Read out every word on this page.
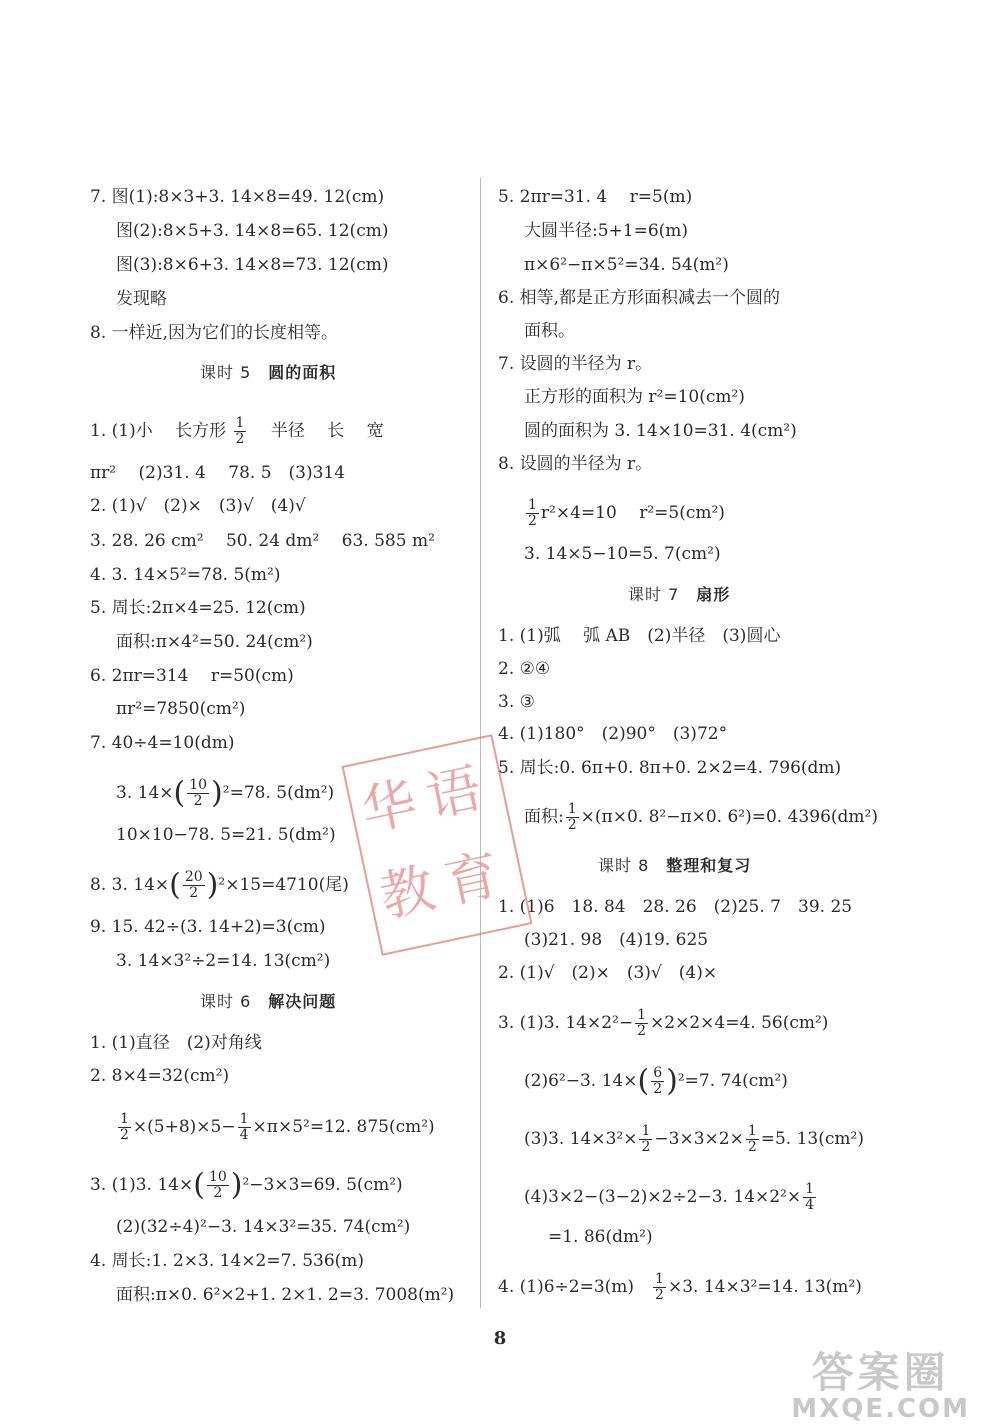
7. 图(1):8×3+3. 14×8=49. 12(cm)
图(2):8×5+3. 14×8=65. 12(cm)
图(3):8×6+3. 14×8=73. 12(cm)
发现略
8. 一样近,因为它们的长度相等。
课时 5　 圆的面积
1. (1)小　 长方形 $\frac{1}{2}$ 　半径　 长　 宽
πr² 　(2)31. 4　 78. 5　(3)314
2. (1)√　(2)×　(3)√　(4)√
3. 28. 26 cm²　 50. 24 dm²　 63. 585 m²
4. 3. 14×5²=78. 5(m²)
5. 周长:2π×4=25. 12(cm)
面积:π×4²=50. 24(cm²)
6. 2πr=314　 r=50(cm)
πr²=7850(cm²)
7. 40÷4=10(dm)
3. $14\times( \frac{10}{2} )^2=78$. 5(dm²)
10×10−78. 5=21. 5(dm²)
8. 3. $14\times( \frac{20}{2} )^2\times 15=4710$(尾)
9. 15. 42÷(3. 14+2)=3(cm)
3. 14×3²÷2=14. 13(cm²)
课时 6　 解决问题
1. (1)直径　(2)对角线
2. 8×4=32(cm²)
$\frac{1}{2} \times(5+8)\times 5- \frac{1}{4} \times\pi\times 5^2=12$. 875(cm²)
3. (1)3. $14\times( \frac{10}{2} )^2-3\times 3=69$. 5(cm²)
(2)(32÷4)²−3. 14×3²=35. 74(cm²)
4. 周长:1. 2×3. 14×2=7. 536(m)
面积:π×0. 6²×2+1. 2×1. 2=3. 7008(m²)
5. 2πr=31. 4　 r=5(m)
大圆半径:5+1=6(m)
π×6²−π×5²=34. 54(m²)
6. 相等,都是正方形面积减去一个圆的
面积。
7. 设圆的半径为 r。
正方形的面积为 r²=10(cm²)
圆的面积为 3. 14×10=31. 4(cm²)
8. 设圆的半径为 r。
$\frac{1}{2} r^2\times 4=10$　 r²=5(cm²)
3. 14×5−10=5. 7(cm²)
课时 7　 扇形
1. (1)弧　 弧 AB　(2)半径　(3)圆心
2. ②④
3. ③
4. (1)180°　(2)90°　(3)72°
5. 周长:0. 6π+0. 8π+0. 2×2=4. 796(dm)
面积: $\frac{1}{2} \times(\pi\times 0$. 8²−π×0. 6²)=0. 4396(dm²)
课时 8　 整理和复习
1. (1)6　18. 84　28. 26　(2)25. 7　39. 25
(3)21. 98　(4)19. 625
2. (1)√　(2)×　(3)√　(4)×
3. (1)3. $14\times 2^2- \frac{1}{2} \times 2\times 2\times 4=4$. 56(cm²)
(2)6²−3. $14\times( \frac{6}{2} )^2=7$. 74(cm²)
(3)3. $14\times 3^2\times \frac{1}{2} -3\times 3\times 2\times \frac{1}{2} =5$. 13(cm²)
(4)3×2−(3−2)×2÷2−3. $14\times 2^2\times \frac{1}{4}$
=1. 86(dm²)
4. (1)6÷2=3(m)　 $\frac{1}{2} \times 3$. 14×3²=14. 13(m²)
华语
教育
8
答案圈
MXQE.COM
